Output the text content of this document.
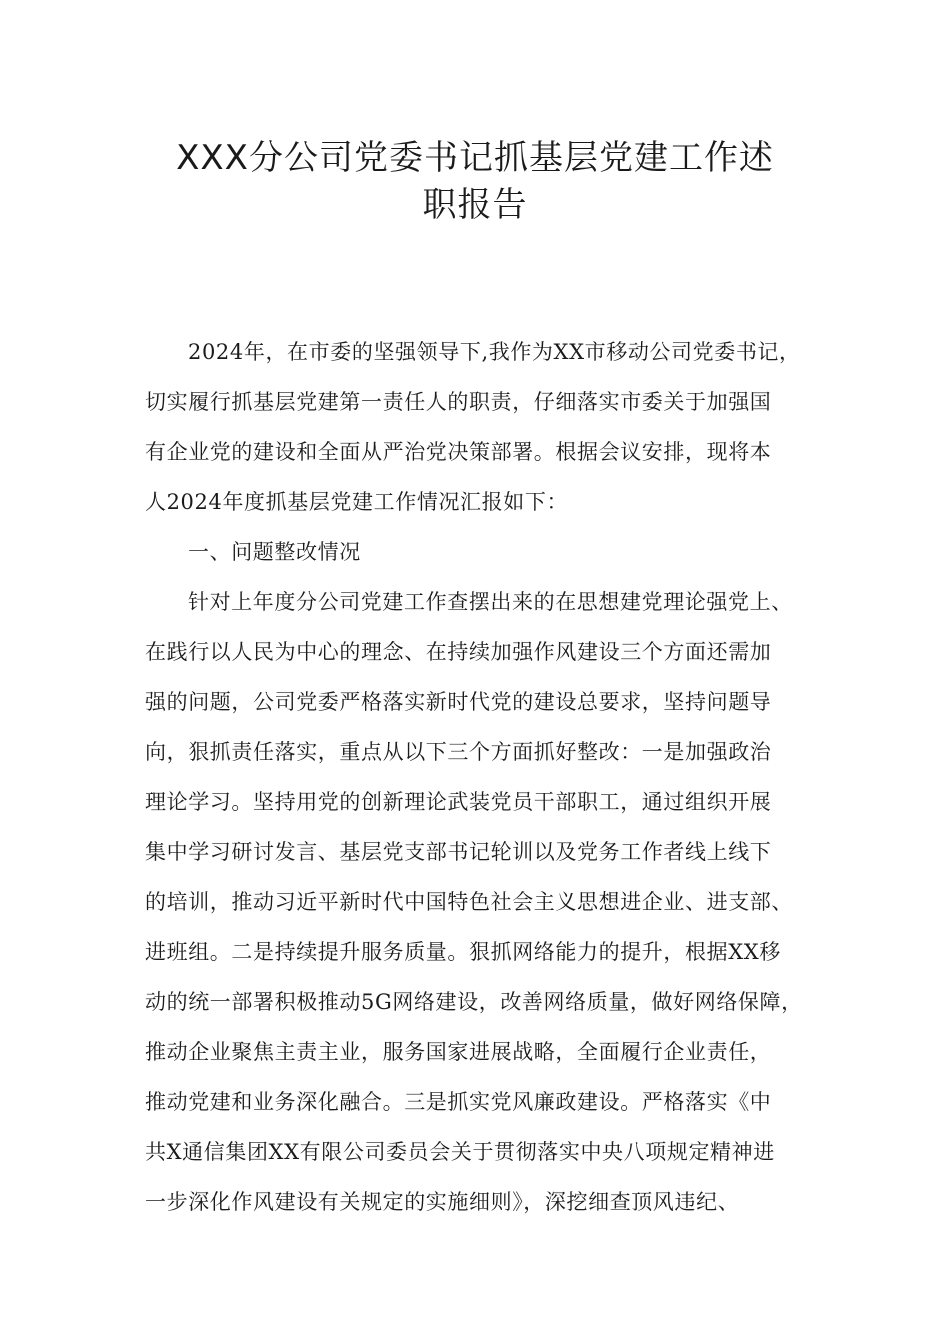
XXX分公司党委书记抓基层党建工作述
职报告

2024年，在市委的坚强领导下,我作为XX市移动公司党委书记，

切实履行抓基层党建第一责任人的职责，仔细落实市委关于加强国

有企业党的建设和全面从严治党决策部署。根据会议安排，现将本

人2024年度抓基层党建工作情况汇报如下：

一、问题整改情况

针对上年度分公司党建工作查摆出来的在思想建党理论强党上、

在践行以人民为中心的理念、在持续加强作风建设三个方面还需加

强的问题，公司党委严格落实新时代党的建设总要求，坚持问题导

向，狠抓责任落实，重点从以下三个方面抓好整改：一是加强政治

理论学习。坚持用党的创新理论武装党员干部职工，通过组织开展

集中学习研讨发言、基层党支部书记轮训以及党务工作者线上线下

的培训，推动习近平新时代中国特色社会主义思想进企业、进支部、

进班组。二是持续提升服务质量。狠抓网络能力的提升，根据XX移

动的统一部署积极推动5G网络建设，改善网络质量，做好网络保障，

推动企业聚焦主责主业，服务国家进展战略，全面履行企业责任，

推动党建和业务深化融合。三是抓实党风廉政建设。严格落实《中

共X通信集团XX有限公司委员会关于贯彻落实中央八项规定精神进

一步深化作风建设有关规定的实施细则》，深挖细查顶风违纪、
